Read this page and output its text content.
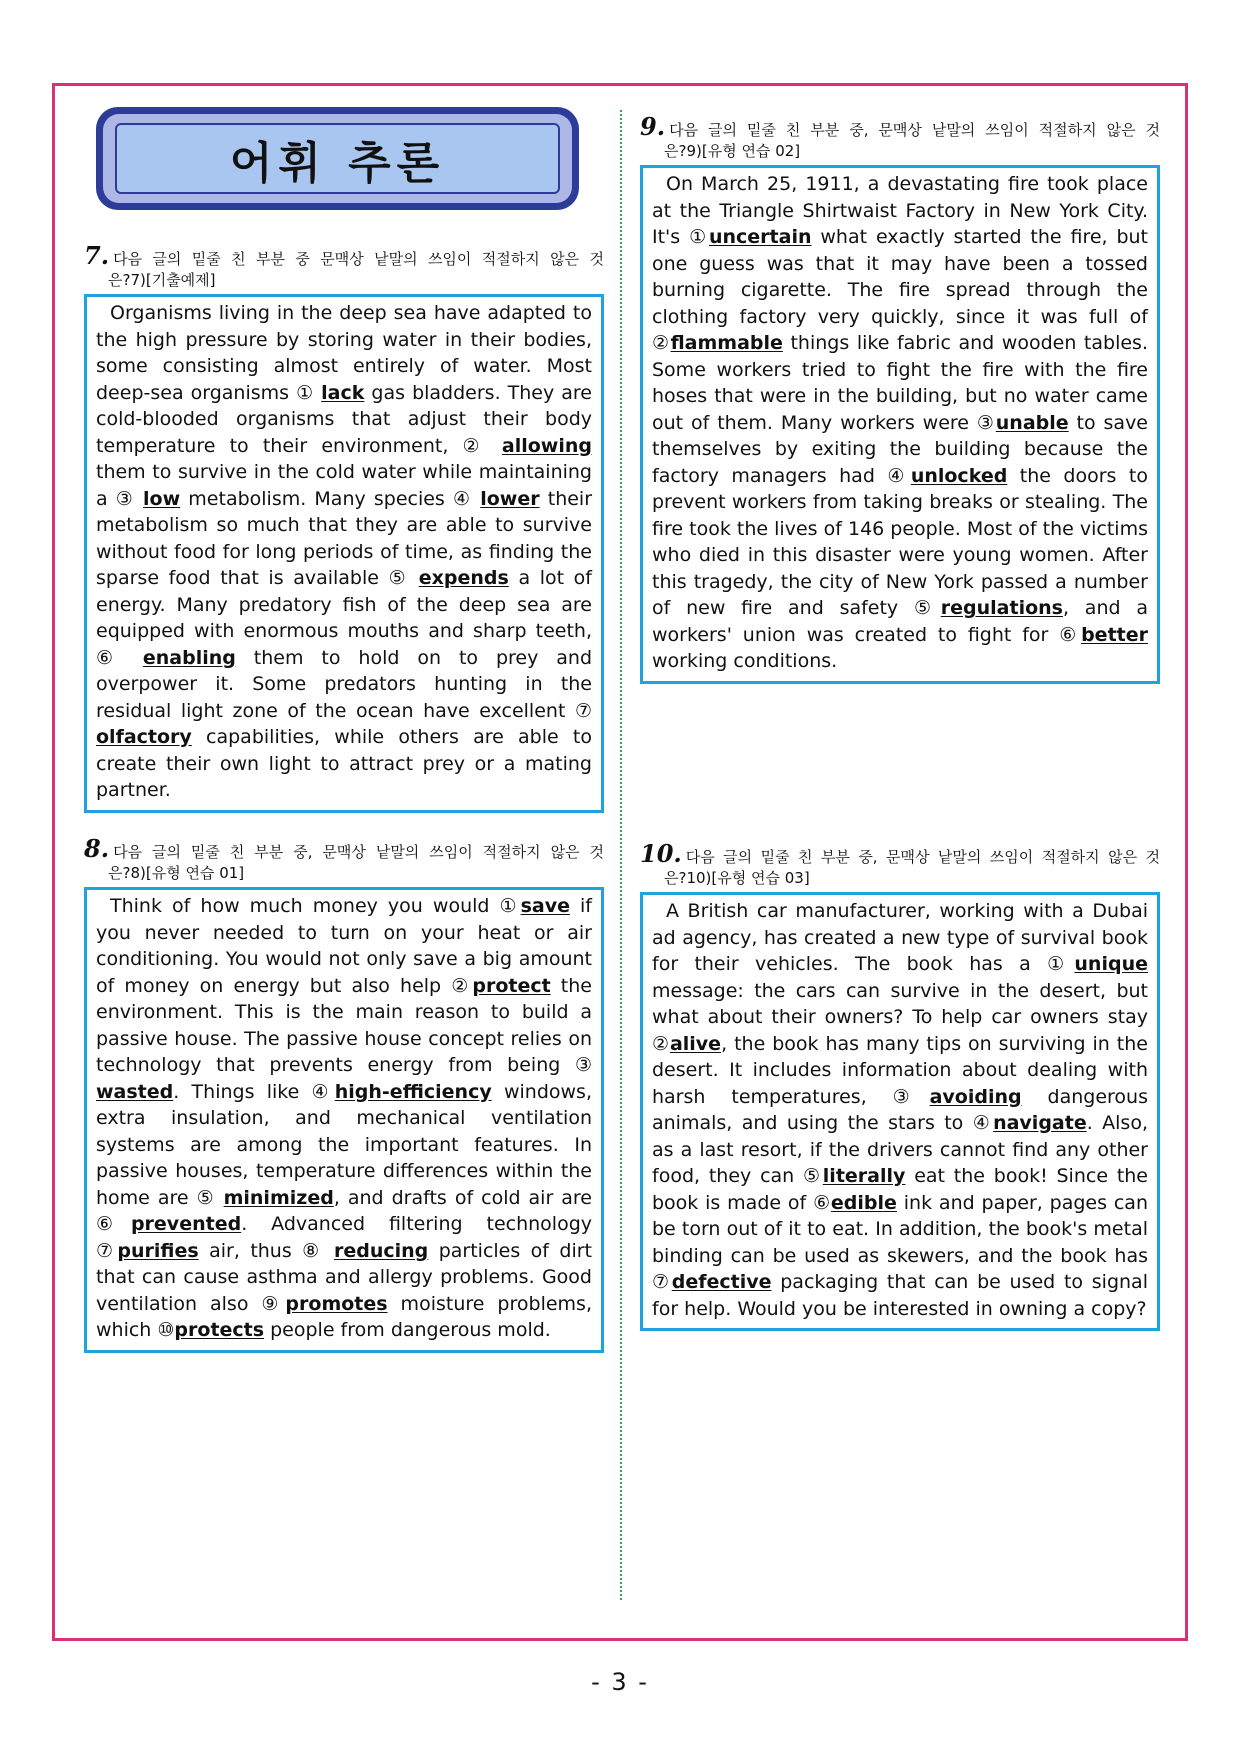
어휘 추론
7. 다음 글의 밑줄 친 부분 중 문맥상 낱말의 쓰임이 적절하지 않은 것
은?7)[기출예제]

Organisms living in the deep sea have adapted to the high pressure by storing water in their bodies, some consisting almost entirely of water. Most deep-sea organisms ① lack gas bladders. They are cold-blooded organisms that adjust their body temperature to their environment, ② allowing them to survive in the cold water while maintaining a ③ low metabolism. Many species ④ lower their metabolism so much that they are able to survive without food for long periods of time, as finding the sparse food that is available ⑤ expends a lot of energy. Many predatory fish of the deep sea are equipped with enormous mouths and sharp teeth, ⑥ enabling them to hold on to prey and overpower it. Some predators hunting in the residual light zone of the ocean have excellent ⑦ olfactory capabilities, while others are able to create their own light to attract prey or a mating partner.

8. 다음 글의 밑줄 친 부분 중, 문맥상 낱말의 쓰임이 적절하지 않은 것
은?8)[유형 연습 01]

Think of how much money you would ①save if you never needed to turn on your heat or air conditioning. You would not only save a big amount of money on energy but also help ②protect the environment. This is the main reason to build a passive house. The passive house concept relies on technology that prevents energy from being ③ wasted. Things like ④high-efficiency windows, extra insulation, and mechanical ventilation systems are among the important features. In passive houses, temperature differences within the home are ⑤ minimized, and drafts of cold air are ⑥prevented. Advanced filtering technology ⑦purifies air, thus ⑧ reducing particles of dirt that can cause asthma and allergy problems. Good ventilation also ⑨promotes moisture problems, which ⑩protects people from dangerous mold.

9. 다음 글의 밑줄 친 부분 중, 문맥상 낱말의 쓰임이 적절하지 않은 것
은?9)[유형 연습 02]

On March 25, 1911, a devastating fire took place at the Triangle Shirtwaist Factory in New York City. It's ①uncertain what exactly started the fire, but one guess was that it may have been a tossed burning cigarette. The fire spread through the clothing factory very quickly, since it was full of ②flammable things like fabric and wooden tables. Some workers tried to fight the fire with the fire hoses that were in the building, but no water came out of them. Many workers were ③unable to save themselves by exiting the building because the factory managers had ④unlocked the doors to prevent workers from taking breaks or stealing. The fire took the lives of 146 people. Most of the victims who died in this disaster were young women. After this tragedy, the city of New York passed a number of new fire and safety ⑤regulations, and a workers' union was created to fight for ⑥better working conditions.

10. 다음 글의 밑줄 친 부분 중, 문맥상 낱말의 쓰임이 적절하지 않은 것
은?10)[유형 연습 03]

A British car manufacturer, working with a Dubai ad agency, has created a new type of survival book for their vehicles. The book has a ①unique message: the cars can survive in the desert, but what about their owners? To help car owners stay ②alive, the book has many tips on surviving in the desert. It includes information about dealing with harsh temperatures, ③avoiding dangerous animals, and using the stars to ④navigate. Also, as a last resort, if the drivers cannot find any other food, they can ⑤literally eat the book! Since the book is made of ⑥edible ink and paper, pages can be torn out of it to eat. In addition, the book's metal binding can be used as skewers, and the book has ⑦defective packaging that can be used to signal for help. Would you be interested in owning a copy?

- 3 -
